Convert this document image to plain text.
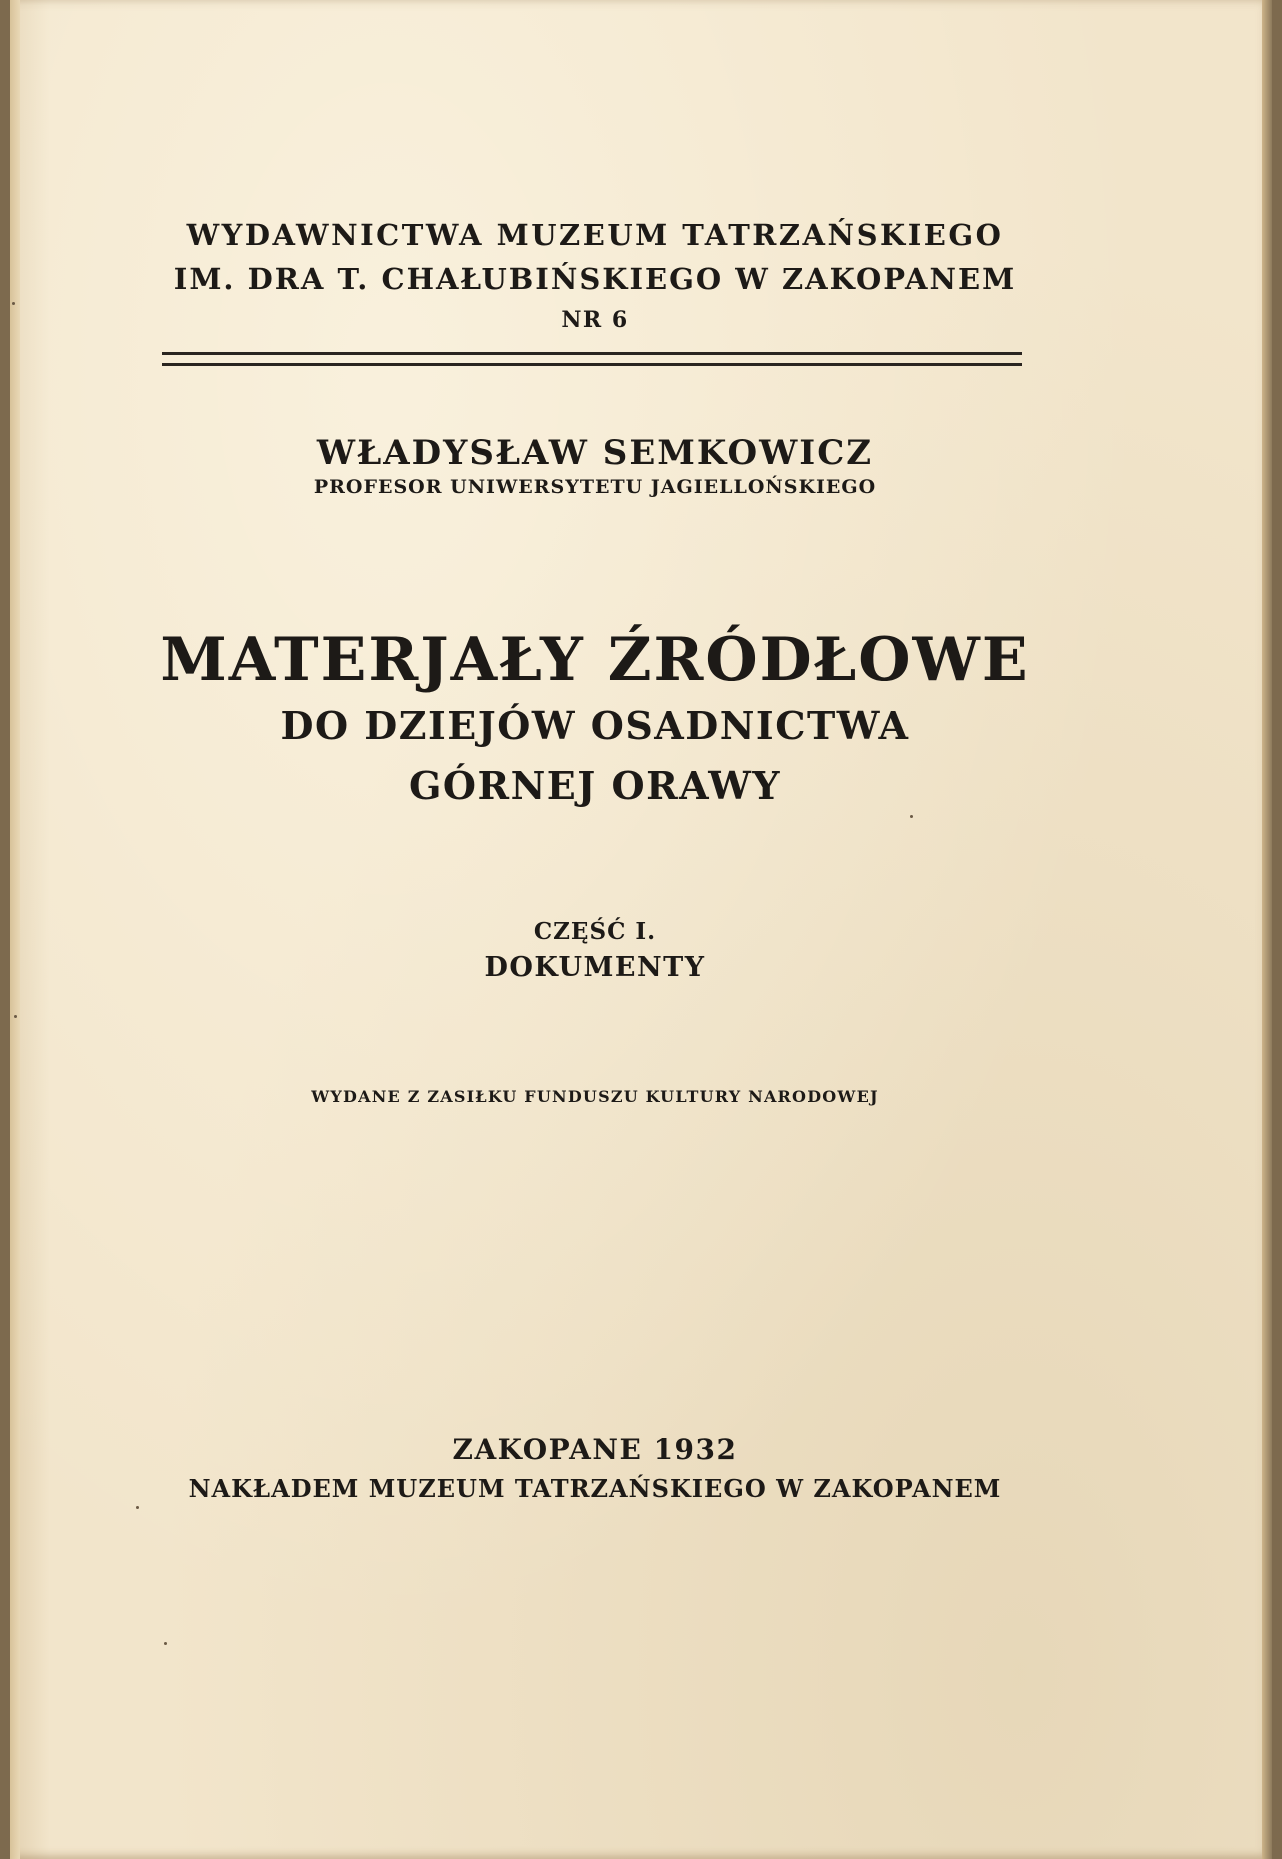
WYDAWNICTWA MUZEUM TATRZAŃSKIEGO
IM. DRA T. CHAŁUBIŃSKIEGO W ZAKOPANEM
NR 6
WŁADYSŁAW SEMKOWICZ
PROFESOR UNIWERSYTETU JAGIELLOŃSKIEGO
MATERJAŁY ŹRÓDŁOWE
DO DZIEJÓW OSADNICTWA
GÓRNEJ ORAWY
CZĘŚĆ I.
DOKUMENTY
WYDANE Z ZASIŁKU FUNDUSZU KULTURY NARODOWEJ
ZAKOPANE 1932
NAKŁADEM MUZEUM TATRZAŃSKIEGO W ZAKOPANEM
